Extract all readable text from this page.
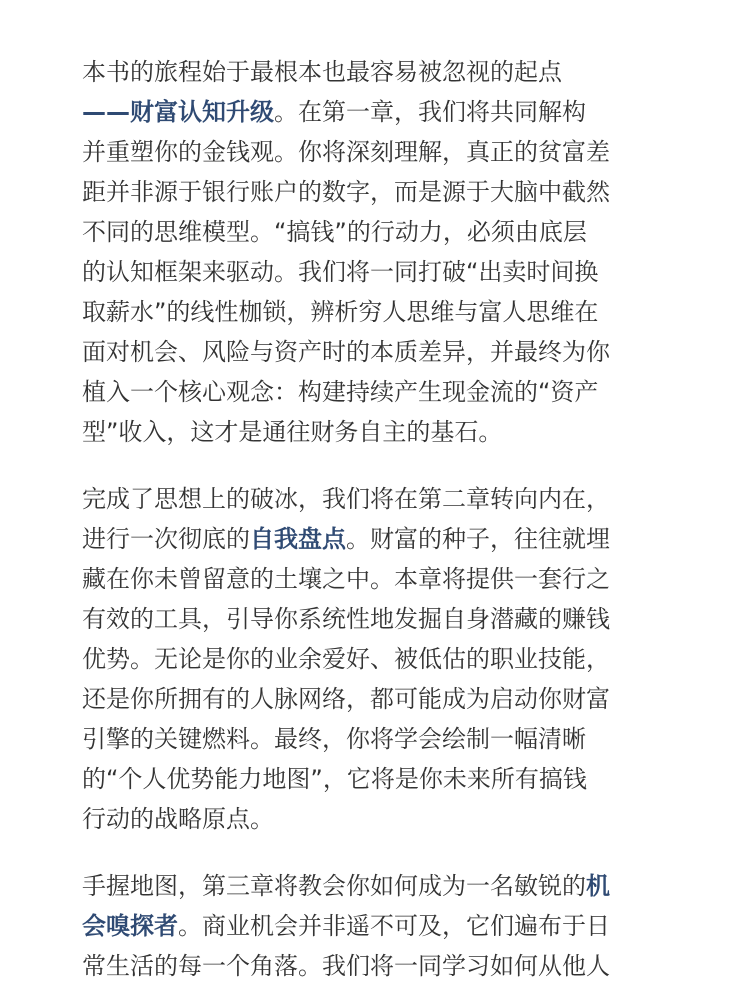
本书的旅程始于最根本也最容易被忽视的起点
——财富认知升级。在第一章，我们将共同解构
并重塑你的金钱观。你将深刻理解，真正的贫富差
距并非源于银行账户的数字，而是源于大脑中截然
不同的思维模型。“搞钱”的行动力，必须由底层
的认知框架来驱动。我们将一同打破“出卖时间换
取薪水”的线性枷锁，辨析穷人思维与富人思维在
面对机会、风险与资产时的本质差异，并最终为你
植入一个核心观念：构建持续产生现金流的“资产
型”收入，这才是通往财务自主的基石。
完成了思想上的破冰，我们将在第二章转向内在，
进行一次彻底的自我盘点。财富的种子，往往就埋
藏在你未曾留意的土壤之中。本章将提供一套行之
有效的工具，引导你系统性地发掘自身潜藏的赚钱
优势。无论是你的业余爱好、被低估的职业技能，
还是你所拥有的人脉网络，都可能成为启动你财富
引擎的关键燃料。最终，你将学会绘制一幅清晰
的“个人优势能力地图”，它将是你未来所有搞钱
行动的战略原点。
手握地图，第三章将教会你如何成为一名敏锐的机
会嗅探者。商业机会并非遥不可及，它们遍布于日
常生活的每一个角落。我们将一同学习如何从他人
